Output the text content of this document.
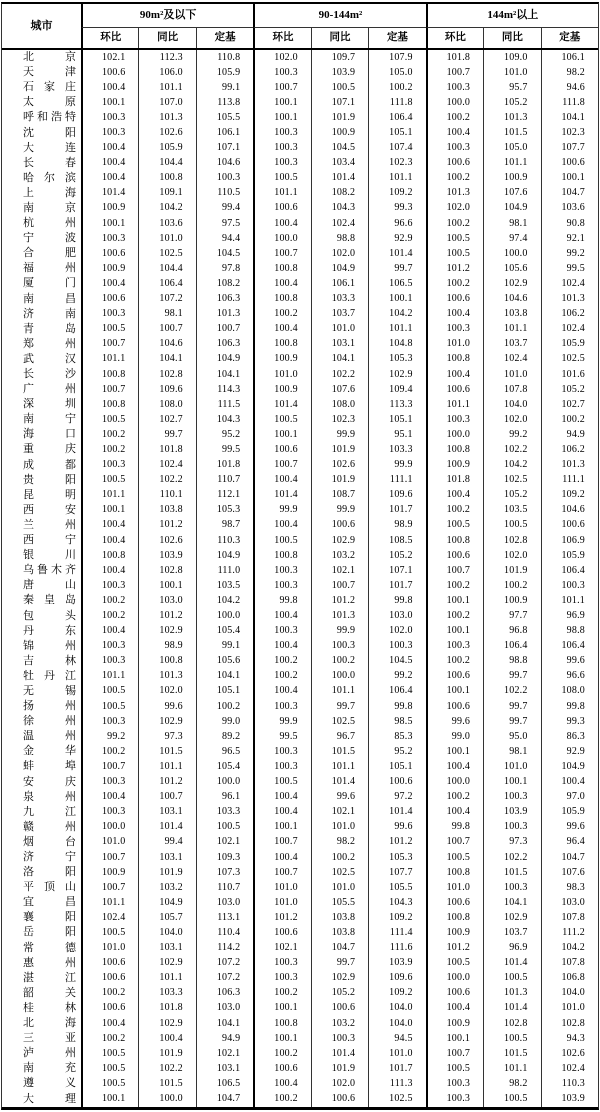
城市
90m²及以下	90-144m²	144m²以上
环比	同比	定基	环比	同比	定基	环比	同比	定基
北京	102.1	112.3	110.8	102.0	109.7	107.9	101.8	109.0	106.1
天津	100.6	106.0	105.9	100.3	103.9	105.0	100.7	101.0	98.2
石家庄	100.4	101.1	99.1	100.7	100.5	100.2	100.3	95.7	94.6
太原	100.1	107.0	113.8	100.1	107.1	111.8	100.0	105.2	111.8
呼和浩特	100.3	101.3	105.5	100.1	101.9	106.4	100.2	101.3	104.1
沈阳	100.3	102.6	106.1	100.3	100.9	105.1	100.4	101.5	102.3
大连	100.4	105.9	107.1	100.3	104.5	107.4	100.3	105.0	107.7
长春	100.4	104.4	104.6	100.3	103.4	102.3	100.6	101.1	100.6
哈尔滨	100.4	100.8	100.3	100.5	101.4	101.1	100.2	100.9	100.1
上海	101.4	109.1	110.5	101.1	108.2	109.2	101.3	107.6	104.7
南京	100.9	104.2	99.4	100.6	104.3	99.3	102.0	104.9	103.6
杭州	100.1	103.6	97.5	100.4	102.4	96.6	100.2	98.1	90.8
宁波	100.3	101.0	94.4	100.0	98.8	92.9	100.5	97.4	92.1
合肥	100.6	102.5	104.5	100.7	102.0	101.4	100.5	100.0	99.2
福州	100.9	104.4	97.8	100.8	104.9	99.7	101.2	105.6	99.5
厦门	100.4	106.4	108.2	100.4	106.1	106.5	100.2	102.9	102.4
南昌	100.6	107.2	106.3	100.8	103.3	100.1	100.6	104.6	101.3
济南	100.3	98.1	101.3	100.2	103.7	104.2	100.4	103.8	106.2
青岛	100.5	100.7	100.7	100.4	101.0	101.1	100.3	101.1	102.4
郑州	100.7	104.6	106.3	100.8	103.1	104.8	101.0	103.7	105.9
武汉	101.1	104.1	104.9	100.9	104.1	105.3	100.8	102.4	102.5
长沙	100.8	102.8	104.1	101.0	102.2	102.9	100.4	101.0	101.6
广州	100.7	109.6	114.3	100.9	107.6	109.4	100.6	107.8	105.2
深圳	100.8	108.0	111.5	101.4	108.0	113.3	101.1	104.0	102.7
南宁	100.5	102.7	104.3	100.5	102.3	105.1	100.3	102.0	100.2
海口	100.2	99.7	95.2	100.1	99.9	95.1	100.0	99.2	94.9
重庆	100.2	101.8	99.5	100.6	101.9	103.3	100.8	102.2	106.2
成都	100.3	102.4	101.8	100.7	102.6	99.9	100.9	104.2	101.3
贵阳	100.5	102.2	110.7	100.4	101.9	111.1	101.8	102.5	111.1
昆明	101.1	110.1	112.1	101.4	108.7	109.6	100.4	105.2	109.2
西安	100.1	103.8	105.3	99.9	99.9	101.7	100.2	103.5	104.6
兰州	100.4	101.2	98.7	100.4	100.6	98.9	100.5	100.5	100.6
西宁	100.4	102.6	110.3	100.5	102.9	108.5	100.8	102.8	106.9
银川	100.8	103.9	104.9	100.8	103.2	105.2	100.6	102.0	105.9
乌鲁木齐	100.4	102.8	111.0	100.3	102.1	107.1	100.7	101.9	106.4
唐山	100.3	100.1	103.5	100.3	100.7	101.7	100.2	100.2	100.3
秦皇岛	100.2	103.0	104.2	99.8	101.2	99.8	100.1	100.9	101.1
包头	100.2	101.2	100.0	100.4	101.3	103.0	100.2	97.7	96.9
丹东	100.4	102.9	105.4	100.3	99.9	102.0	100.1	96.8	98.8
锦州	100.3	98.9	99.1	100.4	100.3	100.3	100.3	106.4	106.4
吉林	100.3	100.8	105.6	100.2	100.2	104.5	100.2	98.8	99.6
牡丹江	101.1	101.3	104.1	100.2	100.0	99.2	100.6	99.7	96.6
无锡	100.5	102.0	105.1	100.4	101.1	106.4	100.1	102.2	108.0
扬州	100.5	99.6	100.2	100.3	99.7	99.8	100.6	99.7	99.8
徐州	100.3	102.9	99.0	99.9	102.5	98.5	99.6	99.7	99.3
温州	99.2	97.3	89.2	99.5	96.7	85.3	99.0	95.0	86.3
金华	100.2	101.5	96.5	100.3	101.5	95.2	100.1	98.1	92.9
蚌埠	100.7	101.1	105.4	100.3	101.1	105.1	100.4	101.0	104.9
安庆	100.3	101.2	100.0	100.5	101.4	100.6	100.0	100.1	100.4
泉州	100.4	100.7	96.1	100.4	99.6	97.2	100.2	100.3	97.0
九江	100.3	103.1	103.3	100.4	102.1	101.4	100.4	103.9	105.9
赣州	100.0	101.4	100.5	100.1	101.0	99.6	99.8	100.3	99.6
烟台	101.0	99.4	102.1	100.7	98.2	101.2	100.7	97.3	96.4
济宁	100.7	103.1	109.3	100.4	100.2	105.3	100.5	102.2	104.7
洛阳	100.9	101.9	107.3	100.7	102.5	107.7	100.8	101.5	107.6
平顶山	100.7	103.2	110.7	101.0	101.0	105.5	101.0	100.3	98.3
宜昌	101.1	104.9	103.0	101.0	105.5	104.3	100.6	104.1	103.0
襄阳	102.4	105.7	113.1	101.2	103.8	109.2	100.8	102.9	107.8
岳阳	100.5	104.0	110.4	100.6	103.8	111.4	100.9	103.7	111.2
常德	101.0	103.1	114.2	102.1	104.7	111.6	101.2	96.9	104.2
惠州	100.6	102.9	107.2	100.3	99.7	103.9	100.5	101.4	107.8
湛江	100.6	101.1	107.2	100.3	102.9	109.6	100.0	100.5	106.8
韶关	100.2	103.3	106.3	100.2	105.2	109.2	100.6	101.3	104.0
桂林	100.6	101.8	103.0	100.1	100.6	104.0	100.4	101.4	101.0
北海	100.4	102.9	104.1	100.8	103.2	104.0	100.9	102.8	102.8
三亚	100.2	100.4	94.9	100.1	100.3	94.5	100.1	100.5	94.3
泸州	100.5	101.9	102.1	100.2	101.4	101.0	100.7	101.5	102.6
南充	100.5	102.2	103.1	100.6	101.9	101.7	100.5	101.1	102.4
遵义	100.5	101.5	106.5	100.4	102.0	111.3	100.3	98.2	110.3
大理	100.1	100.0	104.7	100.2	100.6	102.5	100.3	100.5	103.9
